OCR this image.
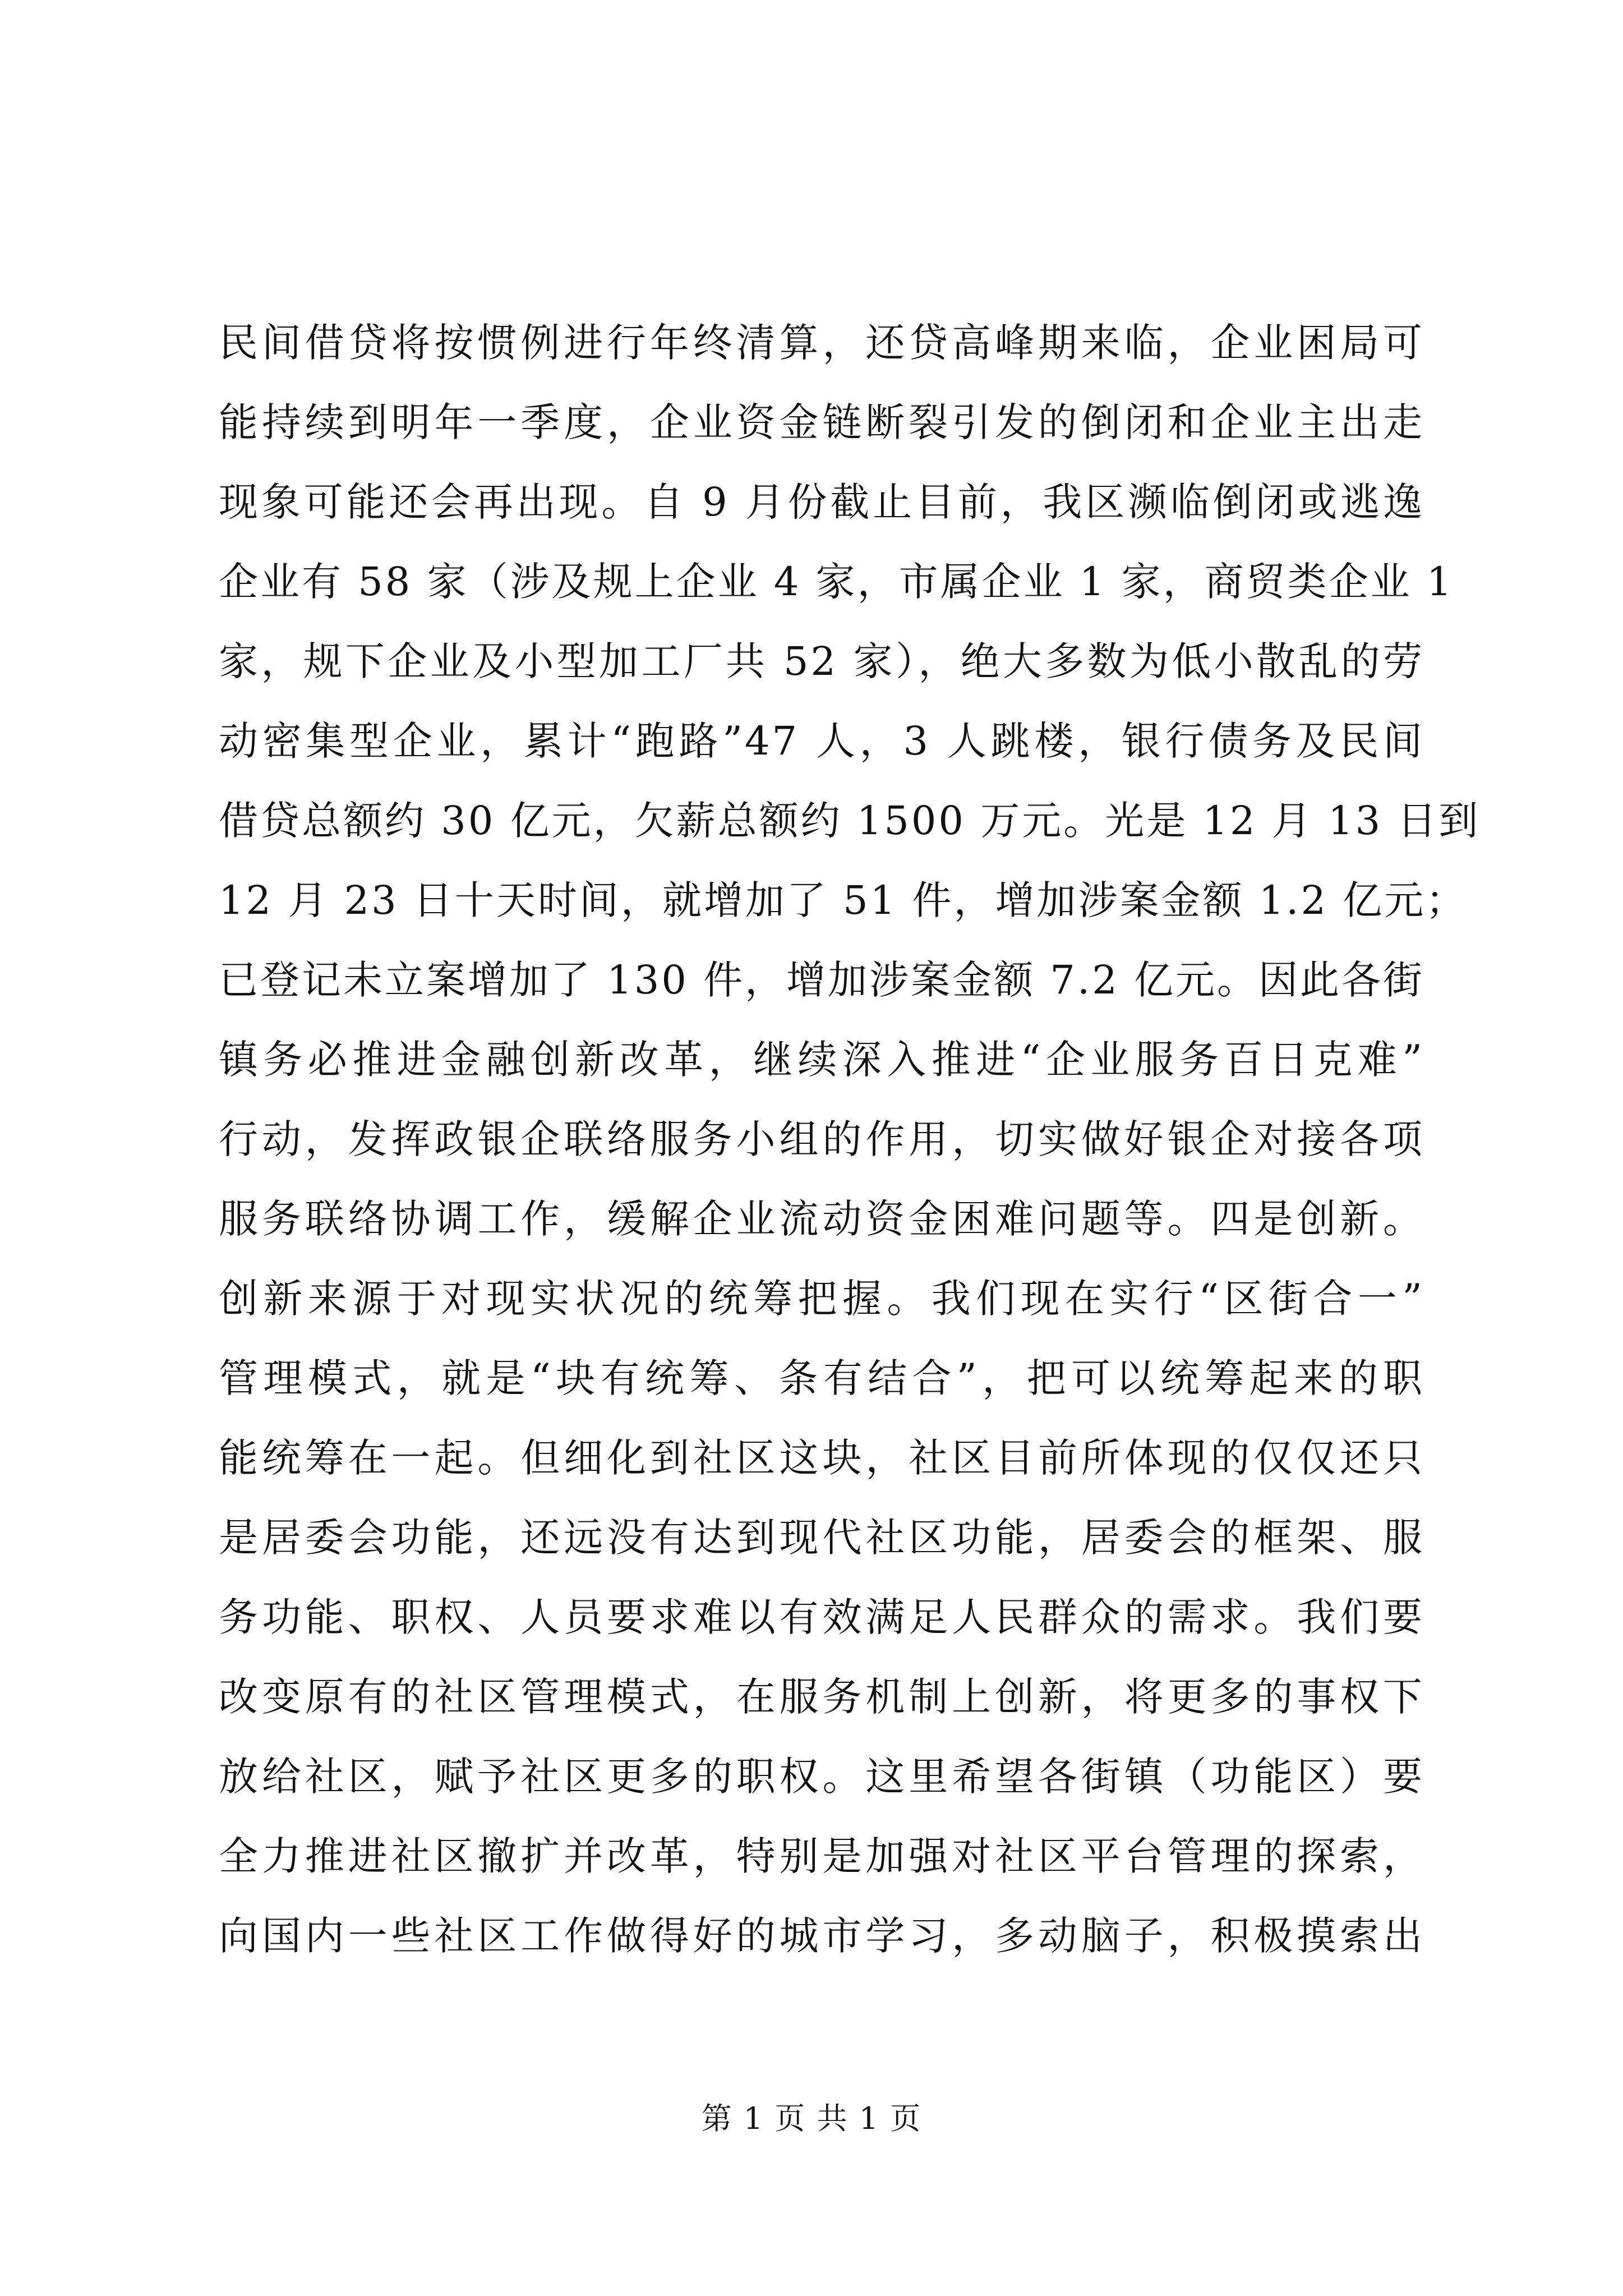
民间借贷将按惯例进行年终清算，还贷高峰期来临，企业困局可
能持续到明年一季度，企业资金链断裂引发的倒闭和企业主出走
现象可能还会再出现。自 9 月份截止目前，我区濒临倒闭或逃逸
企业有 58 家（涉及规上企业 4 家，市属企业 1 家，商贸类企业 1
家，规下企业及小型加工厂共 52 家），绝大多数为低小散乱的劳
动密集型企业，累计“跑路”47 人，3 人跳楼，银行债务及民间
借贷总额约 30 亿元，欠薪总额约 1500 万元。光是 12 月 13 日到
12 月 23 日十天时间，就增加了 51 件，增加涉案金额 1.2 亿元；
已登记未立案增加了 130 件，增加涉案金额 7.2 亿元。因此各街
镇务必推进金融创新改革，继续深入推进“企业服务百日克难”
行动，发挥政银企联络服务小组的作用，切实做好银企对接各项
服务联络协调工作，缓解企业流动资金困难问题等。四是创新。
创新来源于对现实状况的统筹把握。我们现在实行“区街合一”
管理模式，就是“块有统筹、条有结合”，把可以统筹起来的职
能统筹在一起。但细化到社区这块，社区目前所体现的仅仅还只
是居委会功能，还远没有达到现代社区功能，居委会的框架、服
务功能、职权、人员要求难以有效满足人民群众的需求。我们要
改变原有的社区管理模式，在服务机制上创新，将更多的事权下
放给社区，赋予社区更多的职权。这里希望各街镇（功能区）要
全力推进社区撤扩并改革，特别是加强对社区平台管理的探索，
向国内一些社区工作做得好的城市学习，多动脑子，积极摸索出
第 1 页 共 1 页
